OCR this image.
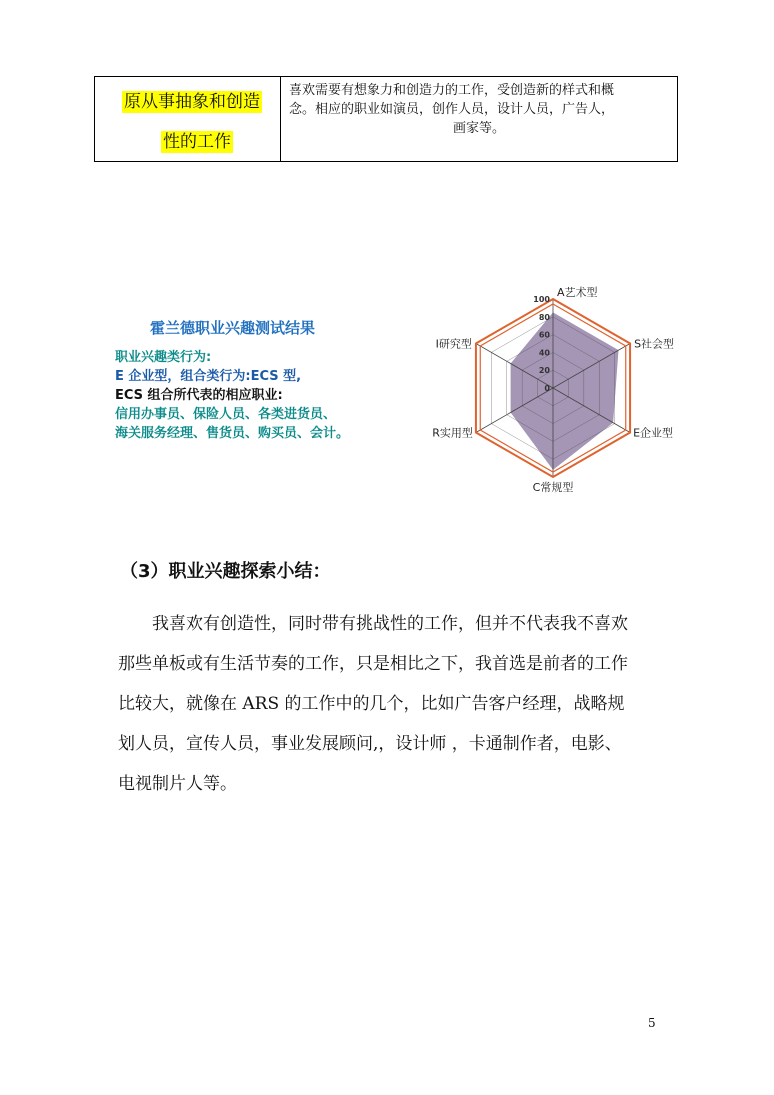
原从事抽象和创造
性的工作
喜欢需要有想象力和创造力的工作，受创造新的样式和概
念。相应的职业如演员，创作人员，设计人员，广告人，
画家等。
霍兰德职业兴趣测试结果
职业兴趣类行为:
E 企业型，组合类行为:ECS 型,
ECS 组合所代表的相应职业:
信用办事员、保险人员、各类进货员、
海关服务经理、售货员、购买员、会计。
100
80
60
40
20
0
A艺术型
S社会型
E企业型
C常规型
R实用型
I研究型
（3）职业兴趣探索小结：
我喜欢有创造性，同时带有挑战性的工作，但并不代表我不喜欢
那些单板或有生活节奏的工作，只是相比之下，我首选是前者的工作
比较大，就像在 ARS 的工作中的几个，比如广告客户经理，战略规
划人员，宣传人员，事业发展顾问,，设计师 ，卡通制作者，电影、
电视制片人等。
5
